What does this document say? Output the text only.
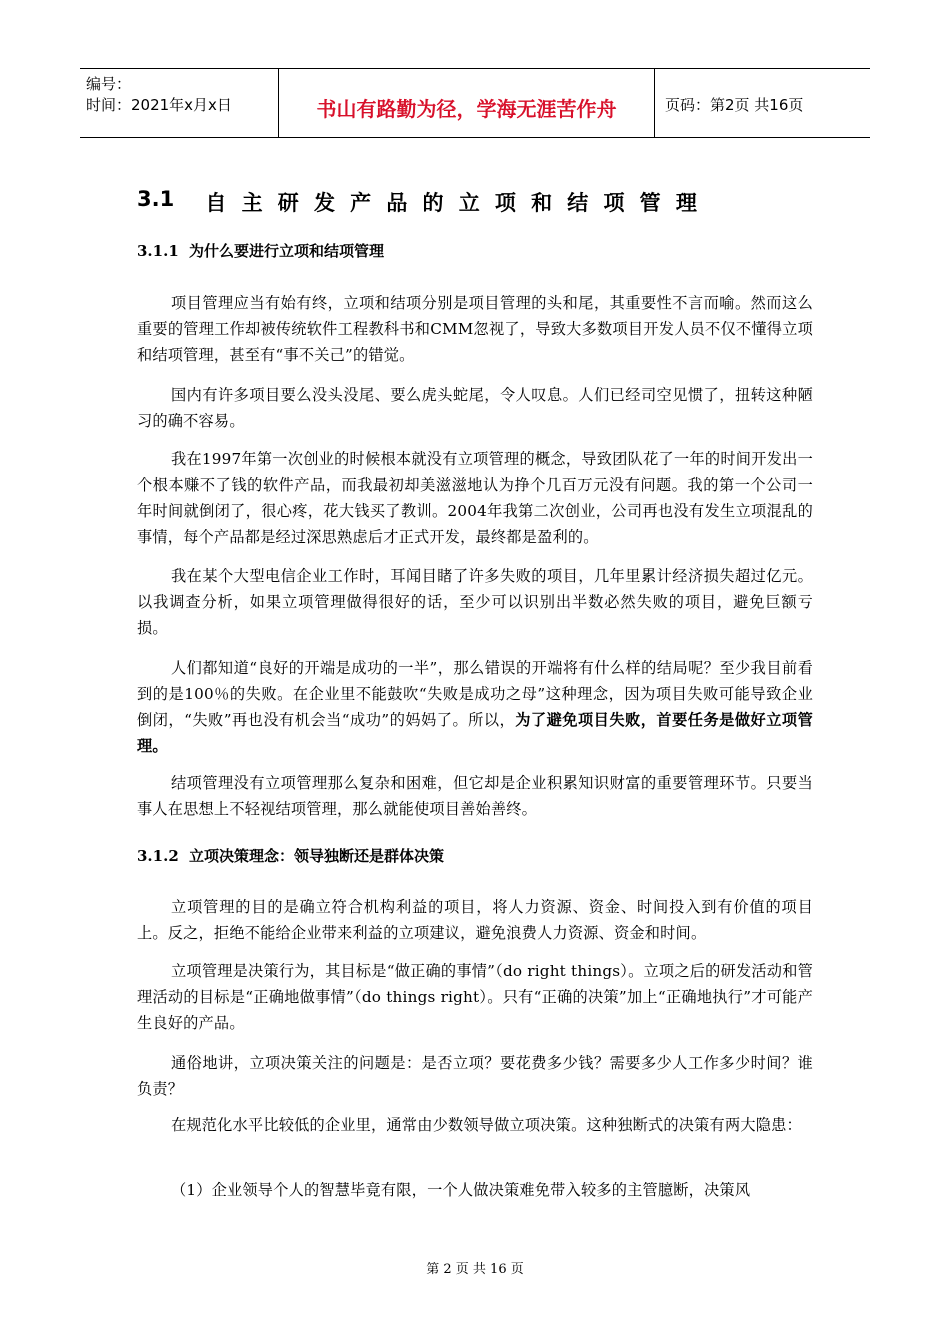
编号：
时间：2021年x月x日	书山有路勤为径，学海无涯苦作舟	页码：第2页 共16页
3.1 自 主 研 发 产 品 的 立 项 和 结 项 管 理
3.1.1 为什么要进行立项和结项管理

项目管理应当有始有终，立项和结项分别是项目管理的头和尾，其重要性不言而喻。然而这么重要的管理工作却被传统软件工程教科书和CMM忽视了，导致大多数项目开发人员不仅不懂得立项和结项管理，甚至有“事不关己”的错觉。

国内有许多项目要么没头没尾、要么虎头蛇尾，令人叹息。人们已经司空见惯了，扭转这种陋习的确不容易。

我在1997年第一次创业的时候根本就没有立项管理的概念，导致团队花了一年的时间开发出一个根本赚不了钱的软件产品，而我最初却美滋滋地认为挣个几百万元没有问题。我的第一个公司一年时间就倒闭了，很心疼，花大钱买了教训。2004年我第二次创业，公司再也没有发生立项混乱的事情，每个产品都是经过深思熟虑后才正式开发，最终都是盈利的。

我在某个大型电信企业工作时，耳闻目睹了许多失败的项目，几年里累计经济损失超过亿元。以我调查分析，如果立项管理做得很好的话，至少可以识别出半数必然失败的项目，避免巨额亏损。

人们都知道“良好的开端是成功的一半”，那么错误的开端将有什么样的结局呢？至少我目前看到的是100％的失败。在企业里不能鼓吹“失败是成功之母”这种理念，因为项目失败可能导致企业倒闭，“失败”再也没有机会当“成功”的妈妈了。所以，为了避免项目失败，首要任务是做好立项管理。

结项管理没有立项管理那么复杂和困难，但它却是企业积累知识财富的重要管理环节。只要当事人在思想上不轻视结项管理，那么就能使项目善始善终。

3.1.2 立项决策理念：领导独断还是群体决策

立项管理的目的是确立符合机构利益的项目，将人力资源、资金、时间投入到有价值的项目上。反之，拒绝不能给企业带来利益的立项建议，避免浪费人力资源、资金和时间。

立项管理是决策行为，其目标是“做正确的事情”（do right things）。立项之后的研发活动和管理活动的目标是“正确地做事情”（do things right）。只有“正确的决策”加上“正确地执行”才可能产生良好的产品。

通俗地讲，立项决策关注的问题是：是否立项？要花费多少钱？需要多少人工作多少时间？谁负责？

在规范化水平比较低的企业里，通常由少数领导做立项决策。这种独断式的决策有两大隐患：

（1）企业领导个人的智慧毕竟有限，一个人做决策难免带入较多的主管臆断，决策风

第 2 页 共 16 页
